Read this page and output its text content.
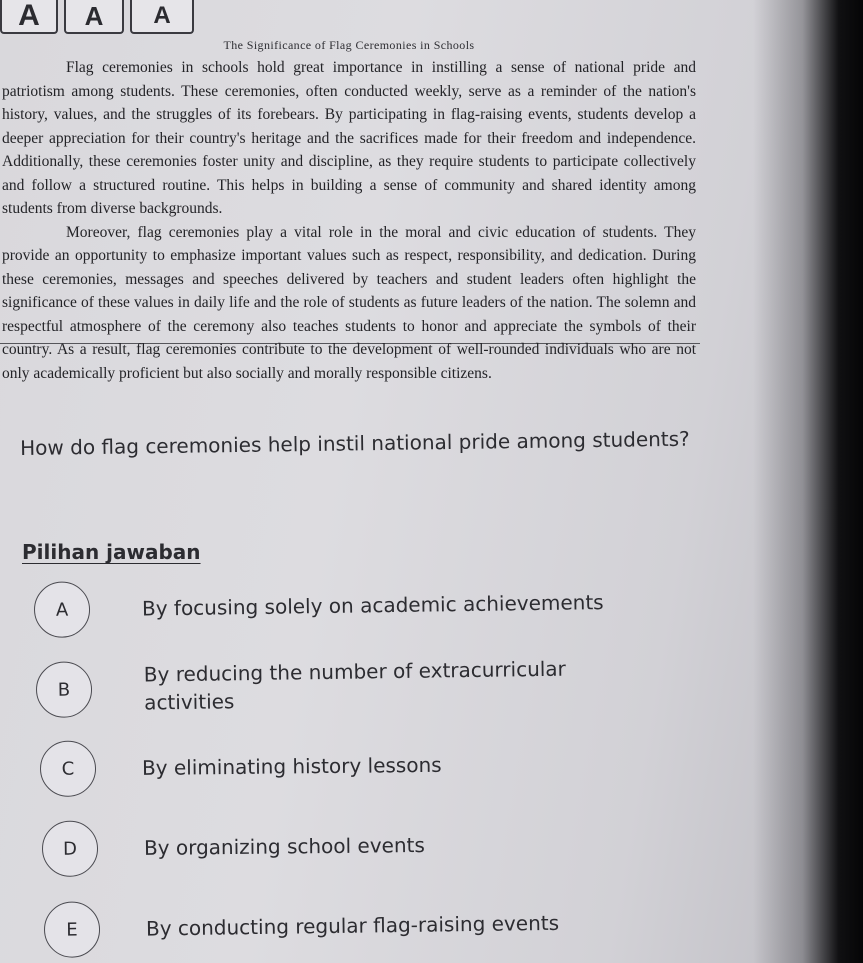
A	A	A
The Significance of Flag Ceremonies in Schools

Flag ceremonies in schools hold great importance in instilling a sense of national pride and patriotism among students. These ceremonies, often conducted weekly, serve as a reminder of the nation's history, values, and the struggles of its forebears. By participating in flag-raising events, students develop a deeper appreciation for their country's heritage and the sacrifices made for their freedom and independence. Additionally, these ceremonies foster unity and discipline, as they require students to participate collectively and follow a structured routine. This helps in building a sense of community and shared identity among students from diverse backgrounds.

Moreover, flag ceremonies play a vital role in the moral and civic education of students. They provide an opportunity to emphasize important values such as respect, responsibility, and dedication. During these ceremonies, messages and speeches delivered by teachers and student leaders often highlight the significance of these values in daily life and the role of students as future leaders of the nation. The solemn and respectful atmosphere of the ceremony also teaches students to honor and appreciate the symbols of their country. As a result, flag ceremonies contribute to the development of well-rounded individuals who are not only academically proficient but also socially and morally responsible citizens.

How do flag ceremonies help instil national pride among students?
Pilihan jawaban
A	By focusing solely on academic achievements
B
By reducing the number of extracurricular activities
C	By eliminating history lessons
D	By organizing school events
E	By conducting regular flag-raising events
